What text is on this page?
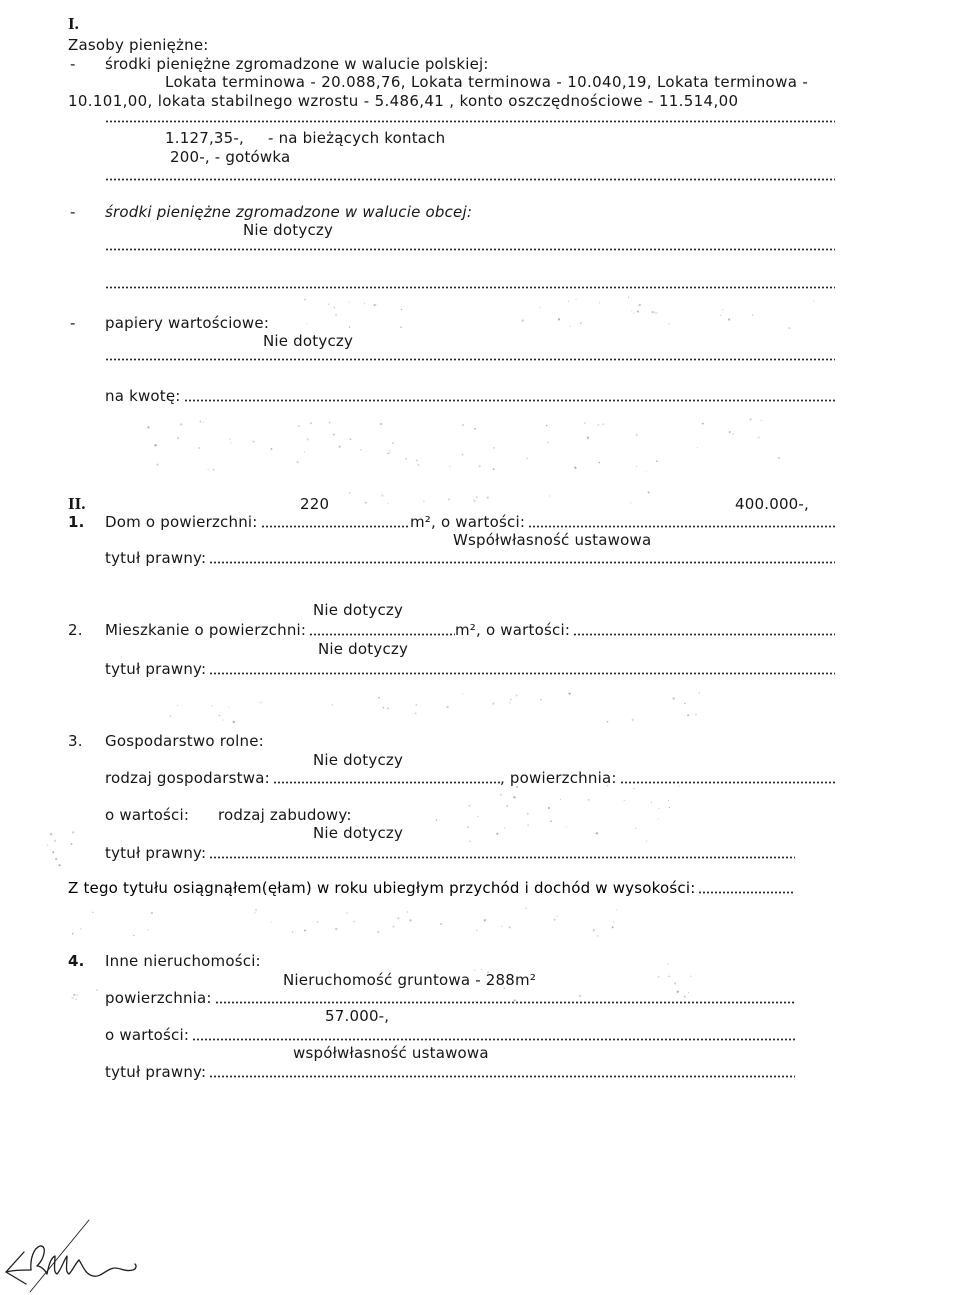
I.
Zasoby pieniężne:
- środki pieniężne zgromadzone w walucie polskiej:
Lokata terminowa - 20.088,76, Lokata terminowa - 10.040,19, Lokata terminowa -
10.101,00, lokata stabilnego wzrostu - 5.486,41 , konto oszczędnościowe - 11.514,00
1.127,35-, - na bieżących kontach
200-, - gotówka
- środki pieniężne zgromadzone w walucie obcej:
Nie dotyczy
- papiery wartościowe:
Nie dotyczy
na kwotę:
II.	220	400.000-,
1. Dom o powierzchni:	m², o wartości:
Współwłasność ustawowa
tytuł prawny:
Nie dotyczy
2. Mieszkanie o powierzchni:	m², o wartości:
Nie dotyczy
tytuł prawny:
3. Gospodarstwo rolne:
Nie dotyczy
rodzaj gospodarstwa:	, powierzchnia:
o wartości: rodzaj zabudowy:
Nie dotyczy
tytuł prawny:
Z tego tytułu osiągnąłem(ęłam) w roku ubiegłym przychód i dochód w wysokości:
4. Inne nieruchomości:
Nieruchomość gruntowa - 288m²
powierzchnia:
57.000-,
o wartości:
współwłasność ustawowa
tytuł prawny:
